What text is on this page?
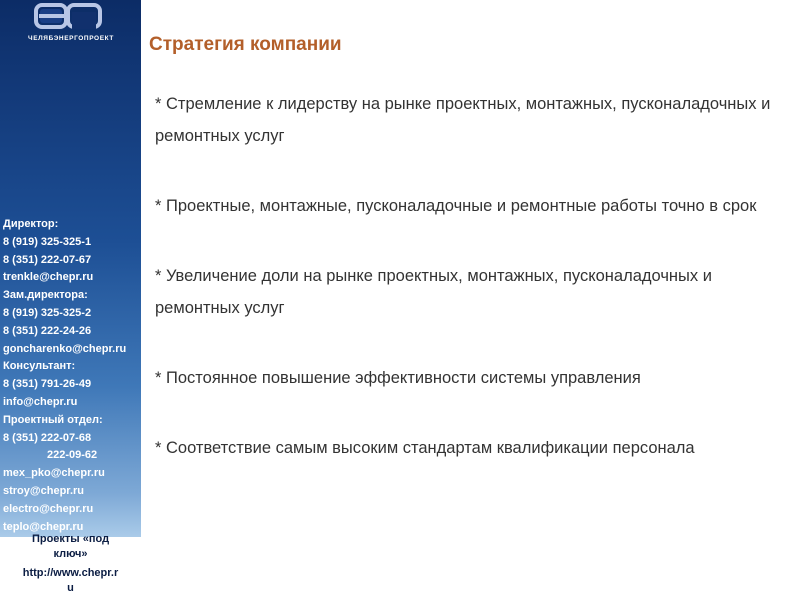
ЧЕЛЯБЭНЕРГОПРОЕКТ
Директор:
8 (919) 325-325-1
8 (351) 222-07-67
trenkle@chepr.ru
Зам.директора:
8 (919) 325-325-2
8 (351) 222-24-26
goncharenko@chepr.ru
Консультант:
8 (351) 791-26-49
info@chepr.ru
Проектный отдел:
8 (351) 222-07-68
222-09-62
mex_pko@chepr.ru
stroy@chepr.ru
electro@chepr.ru
teplo@chepr.ru
Проекты «под
ключ»
http://www.chepr.r
u
Стратегия компании
* Стремление к лидерству на рынке проектных, монтажных, пусконаладочных и ремонтных услуг
* Проектные, монтажные, пусконаладочные и ремонтные работы точно в срок
* Увеличение доли на рынке проектных, монтажных, пусконаладочных и ремонтных услуг
* Постоянное повышение эффективности системы управления
* Соответствие самым высоким стандартам квалификации персонала
